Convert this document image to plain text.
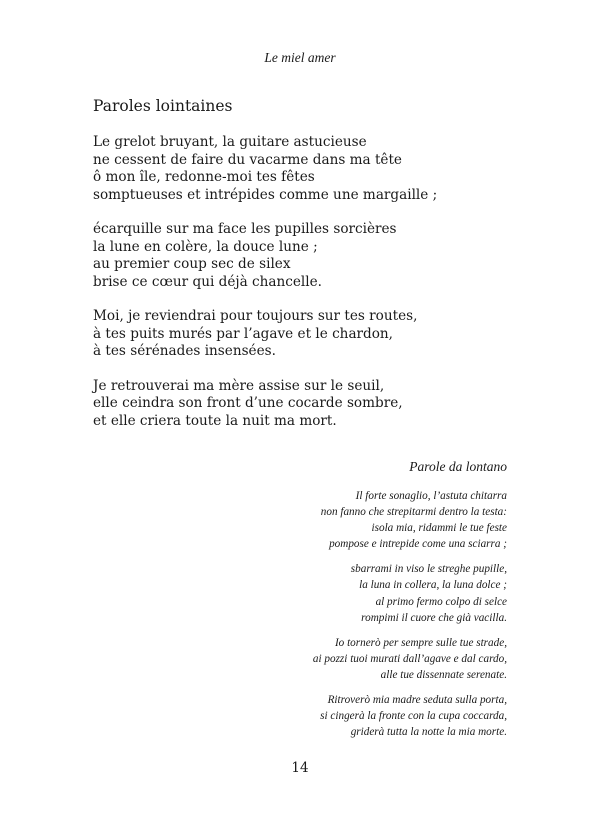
Le miel amer

Paroles lointaines
Le grelot bruyant, la guitare astucieuse
ne cessent de faire du vacarme dans ma tête
ô mon île, redonne-moi tes fêtes
somptueuses et intrépides comme une margaille ;
écarquille sur ma face les pupilles sorcières
la lune en colère, la douce lune ;
au premier coup sec de silex
brise ce cœur qui déjà chancelle.
Moi, je reviendrai pour toujours sur tes routes,
à tes puits murés par l’agave et le chardon,
à tes sérénades insensées.
Je retrouverai ma mère assise sur le seuil,
elle ceindra son front d’une cocarde sombre,
et elle criera toute la nuit ma mort.
Parole da lontano
Il forte sonaglio, l’astuta chitarra
non fanno che strepitarmi dentro la testa:
isola mia, ridammi le tue feste
pompose e intrepide come una sciarra ;
sbarrami in viso le streghe pupille,
la luna in collera, la luna dolce ;
al primo fermo colpo di selce
rompimi il cuore che già vacilla.
Io tornerò per sempre sulle tue strade,
ai pozzi tuoi murati dall’agave e dal cardo,
alle tue dissennate serenate.
Ritroverò mia madre seduta sulla porta,
si cingerà la fronte con la cupa coccarda,
griderà tutta la notte la mia morte.

14
